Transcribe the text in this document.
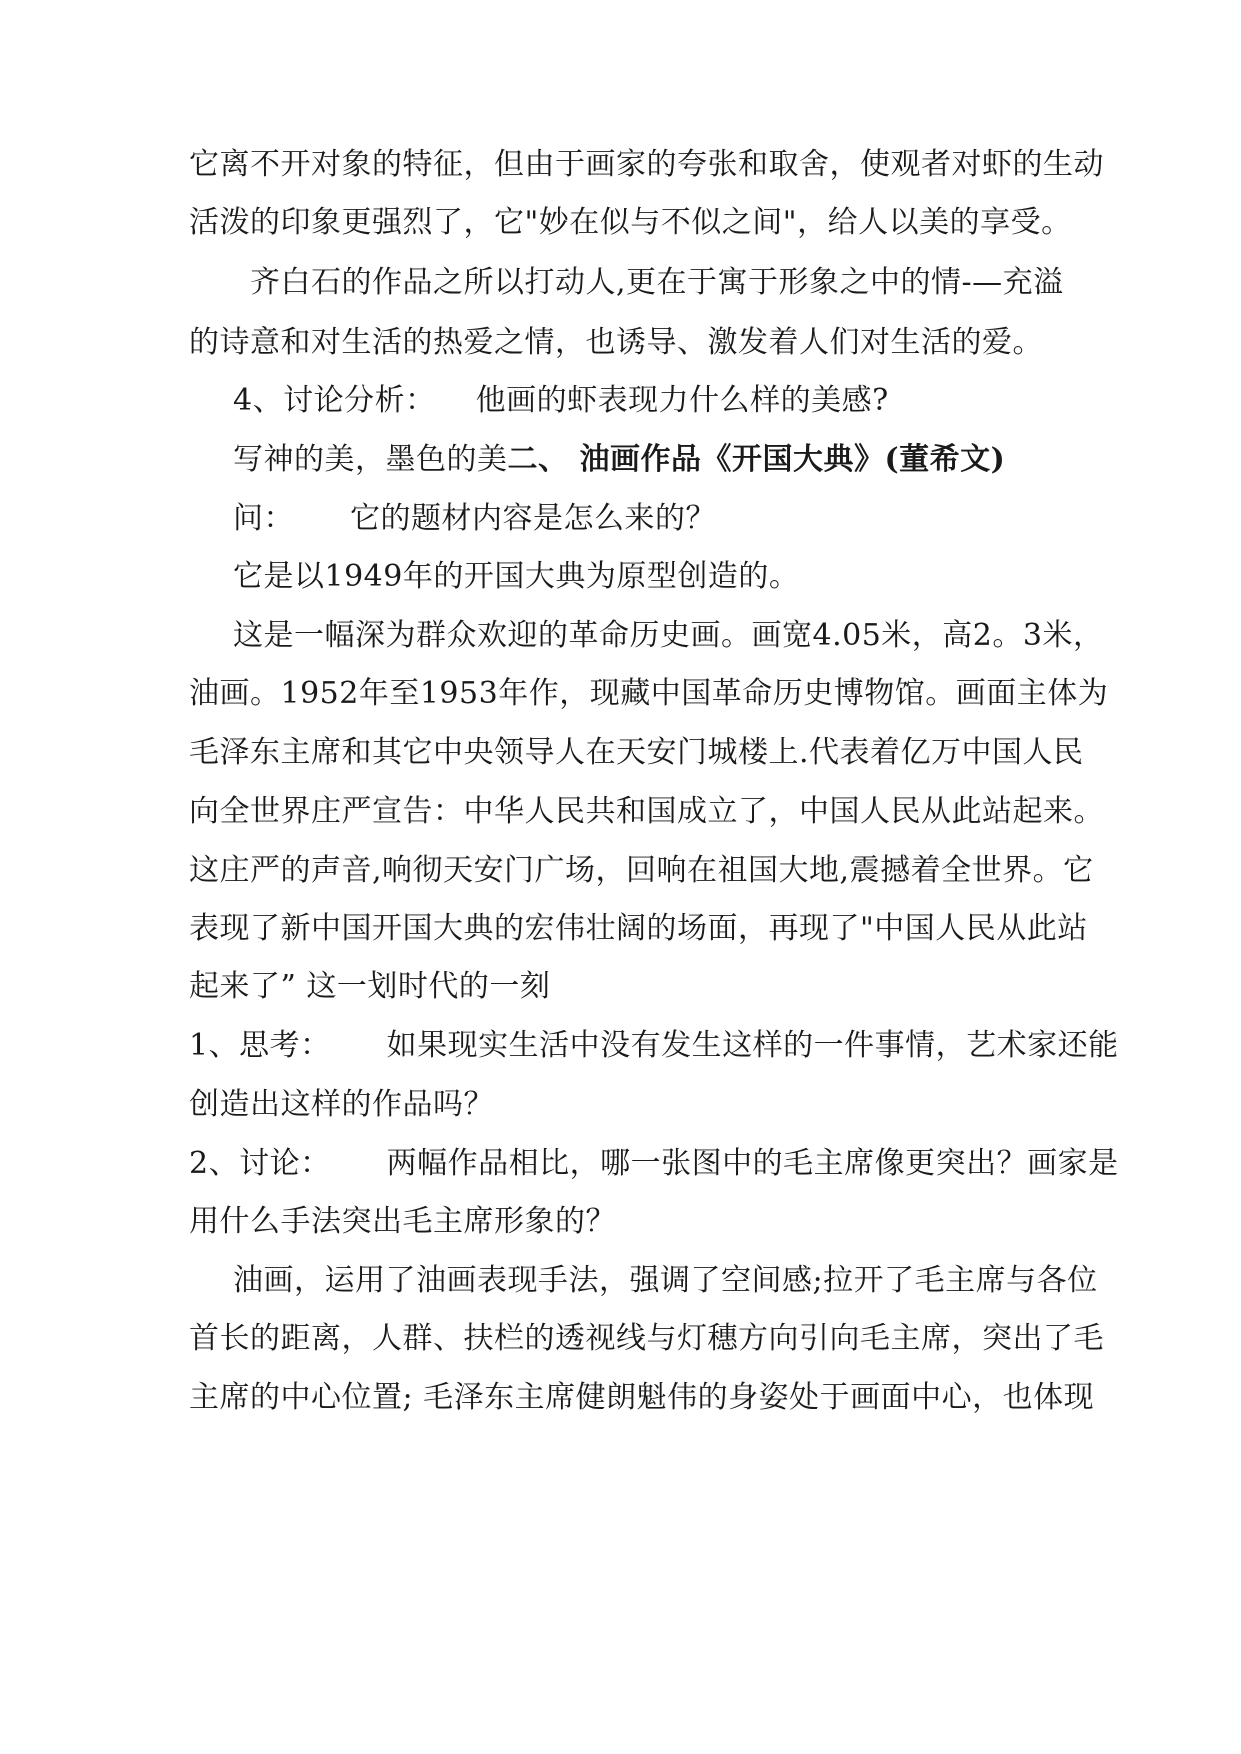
它离不开对象的特征，但由于画家的夸张和取舍，使观者对虾的生动
活泼的印象更强烈了，它"妙在似与不似之间"，给人以美的享受。
齐白石的作品之所以打动人,更在于寓于形象之中的情-—充溢
的诗意和对生活的热爱之情，也诱导、激发着人们对生活的爱。
4、讨论分析： 他画的虾表现力什么样的美感?
写神的美，墨色的美二、 油画作品《开国大典》(董希文)
问： 它的题材内容是怎么来的？
它是以1949年的开国大典为原型创造的。
这是一幅深为群众欢迎的革命历史画。画宽4.05米，高2。3米，
油画。1952年至1953年作，现藏中国革命历史博物馆。画面主体为
毛泽东主席和其它中央领导人在天安门城楼上.代表着亿万中国人民
向全世界庄严宣告：中华人民共和国成立了，中国人民从此站起来。
这庄严的声音,响彻天安门广场，回响在祖国大地,震撼着全世界。它
表现了新中国开国大典的宏伟壮阔的场面，再现了"中国人民从此站
起来了” 这一划时代的一刻
1、思考： 如果现实生活中没有发生这样的一件事情，艺术家还能
创造出这样的作品吗？
2、讨论： 两幅作品相比，哪一张图中的毛主席像更突出？画家是
用什么手法突出毛主席形象的？
油画，运用了油画表现手法，强调了空间感;拉开了毛主席与各位
首长的距离，人群、扶栏的透视线与灯穗方向引向毛主席，突出了毛
主席的中心位置; 毛泽东主席健朗魁伟的身姿处于画面中心，也体现
